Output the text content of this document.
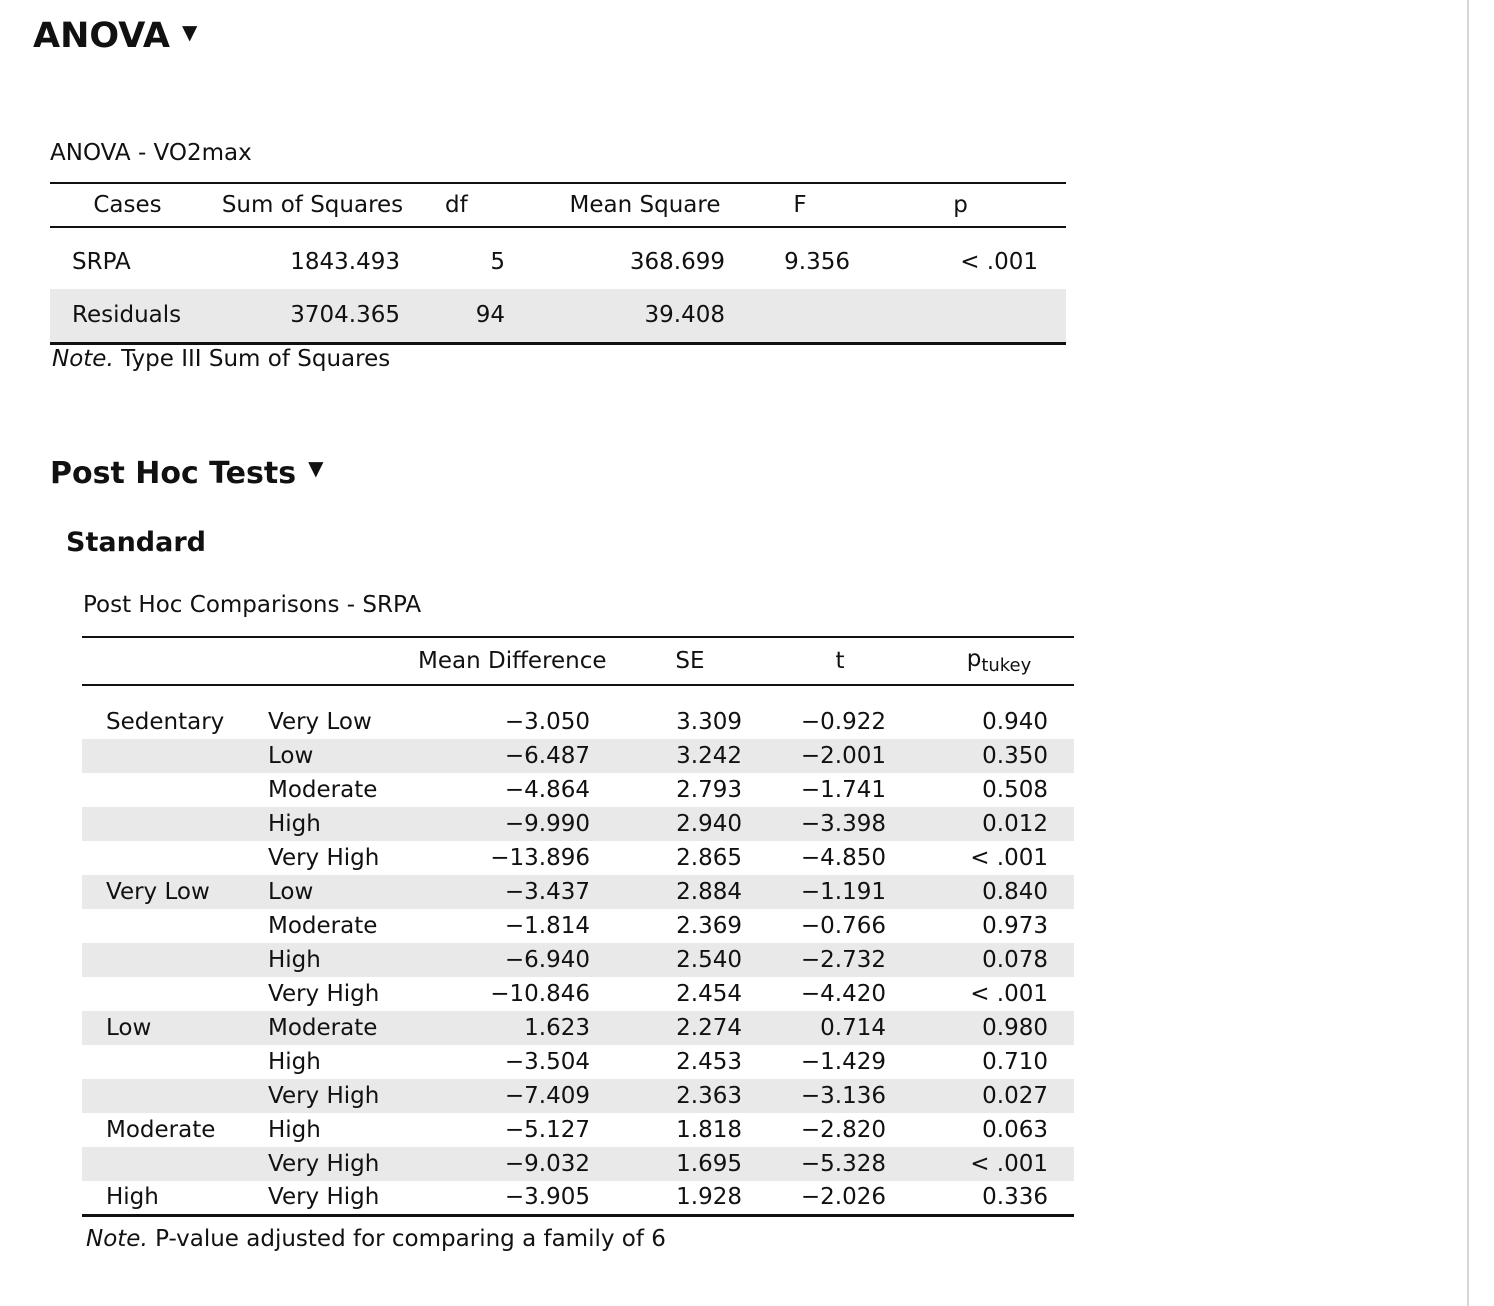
ANOVA ▼
ANOVA - VO2max
Cases	Sum of Squares	df	Mean Square	F	p

SRPA	1843.493	5	368.699	9.356	< .001
Residuals	3704.365	94	39.408		
Note. Type III Sum of Squares
Post Hoc Tests ▼
Standard
Post Hoc Comparisons - SRPA
		Mean Difference	SE	t	$p_{tukey}$

Sedentary	Very Low	−3.050	3.309	−0.922	0.940
	Low	−6.487	3.242	−2.001	0.350
	Moderate	−4.864	2.793	−1.741	0.508
	High	−9.990	2.940	−3.398	0.012
	Very High	−13.896	2.865	−4.850	< .001
Very Low	Low	−3.437	2.884	−1.191	0.840
	Moderate	−1.814	2.369	−0.766	0.973
	High	−6.940	2.540	−2.732	0.078
	Very High	−10.846	2.454	−4.420	< .001
Low	Moderate	1.623	2.274	0.714	0.980
	High	−3.504	2.453	−1.429	0.710
	Very High	−7.409	2.363	−3.136	0.027
Moderate	High	−5.127	1.818	−2.820	0.063
	Very High	−9.032	1.695	−5.328	< .001
High	Very High	−3.905	1.928	−2.026	0.336
Note. P-value adjusted for comparing a family of 6
